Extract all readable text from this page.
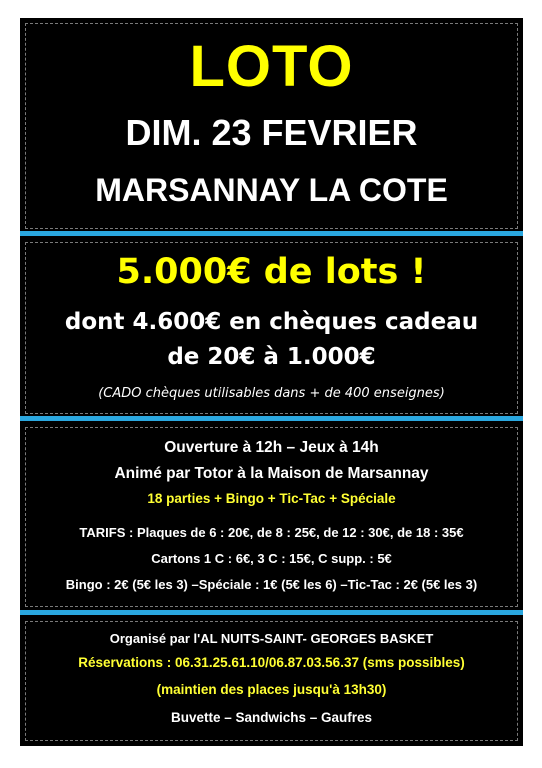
LOTO
DIM. 23 FEVRIER
MARSANNAY LA COTE
5.000€ de lots !
dont 4.600€ en chèques cadeau
de 20€ à 1.000€
(CADO chèques utilisables dans + de 400 enseignes)
Ouverture à 12h – Jeux à 14h
Animé par Totor à la Maison de Marsannay
18 parties + Bingo + Tic-Tac + Spéciale
TARIFS : Plaques de 6 : 20€, de 8 : 25€, de 12 : 30€, de 18 : 35€
Cartons 1 C : 6€, 3 C : 15€, C supp. : 5€
Bingo : 2€ (5€ les 3) –Spéciale : 1€ (5€ les 6) –Tic-Tac : 2€ (5€ les 3)
Organisé par l'AL NUITS-SAINT- GEORGES BASKET
Réservations : 06.31.25.61.10/06.87.03.56.37 (sms possibles)
(maintien des places jusqu'à 13h30)
Buvette – Sandwichs – Gaufres
